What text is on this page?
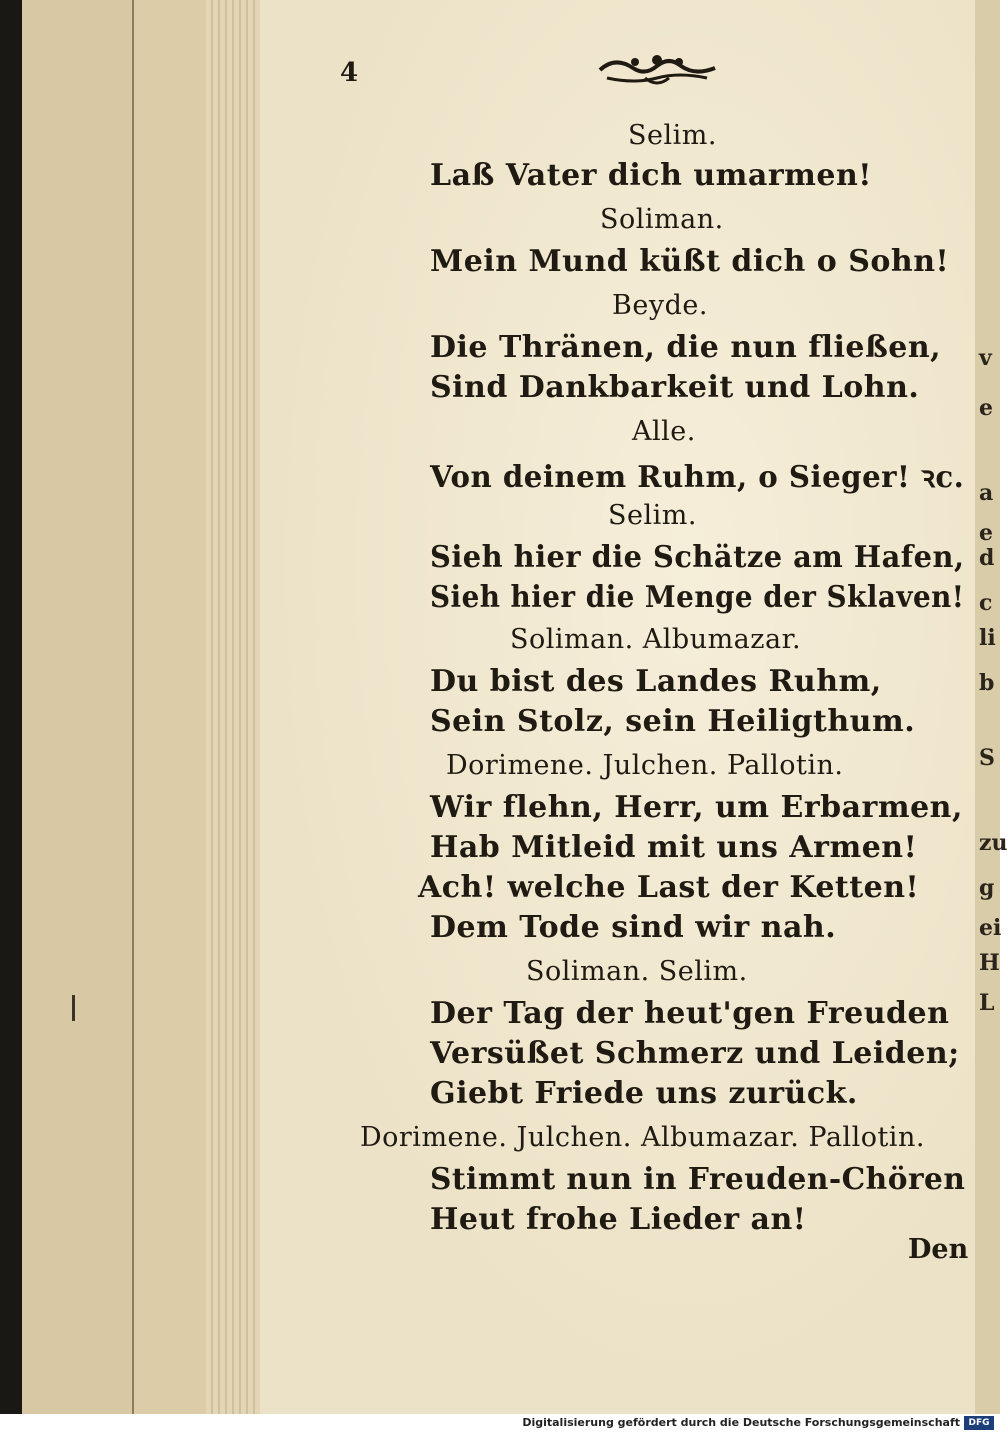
v
e
a
e
d
c
li
b
S
zu
g
ei
H
L
4
Selim.
Laß Vater dich umarmen!
Soliman.
Mein Mund küßt dich o Sohn!
Beyde.
Die Thränen, die nun fließen,
Sind Dankbarkeit und Lohn.
Alle.
Von deinem Ruhm, o Sieger! ꝛc.
Selim.
Sieh hier die Schätze am Hafen,
Sieh hier die Menge der Sklaven!
Soliman. Albumazar.
Du bist des Landes Ruhm,
Sein Stolz, sein Heiligthum.
Dorimene. Julchen. Pallotin.
Wir flehn, Herr, um Erbarmen,
Hab Mitleid mit uns Armen!
Ach! welche Last der Ketten!
Dem Tode sind wir nah.
Soliman. Selim.
Der Tag der heut'gen Freuden
Versüßet Schmerz und Leiden;
Giebt Friede uns zurück.
Dorimene. Julchen. Albumazar. Pallotin.
Stimmt nun in Freuden-Chören
Heut frohe Lieder an!
Den
Digitalisierung gefördert durch die Deutsche Forschungsgemeinschaft DFG
